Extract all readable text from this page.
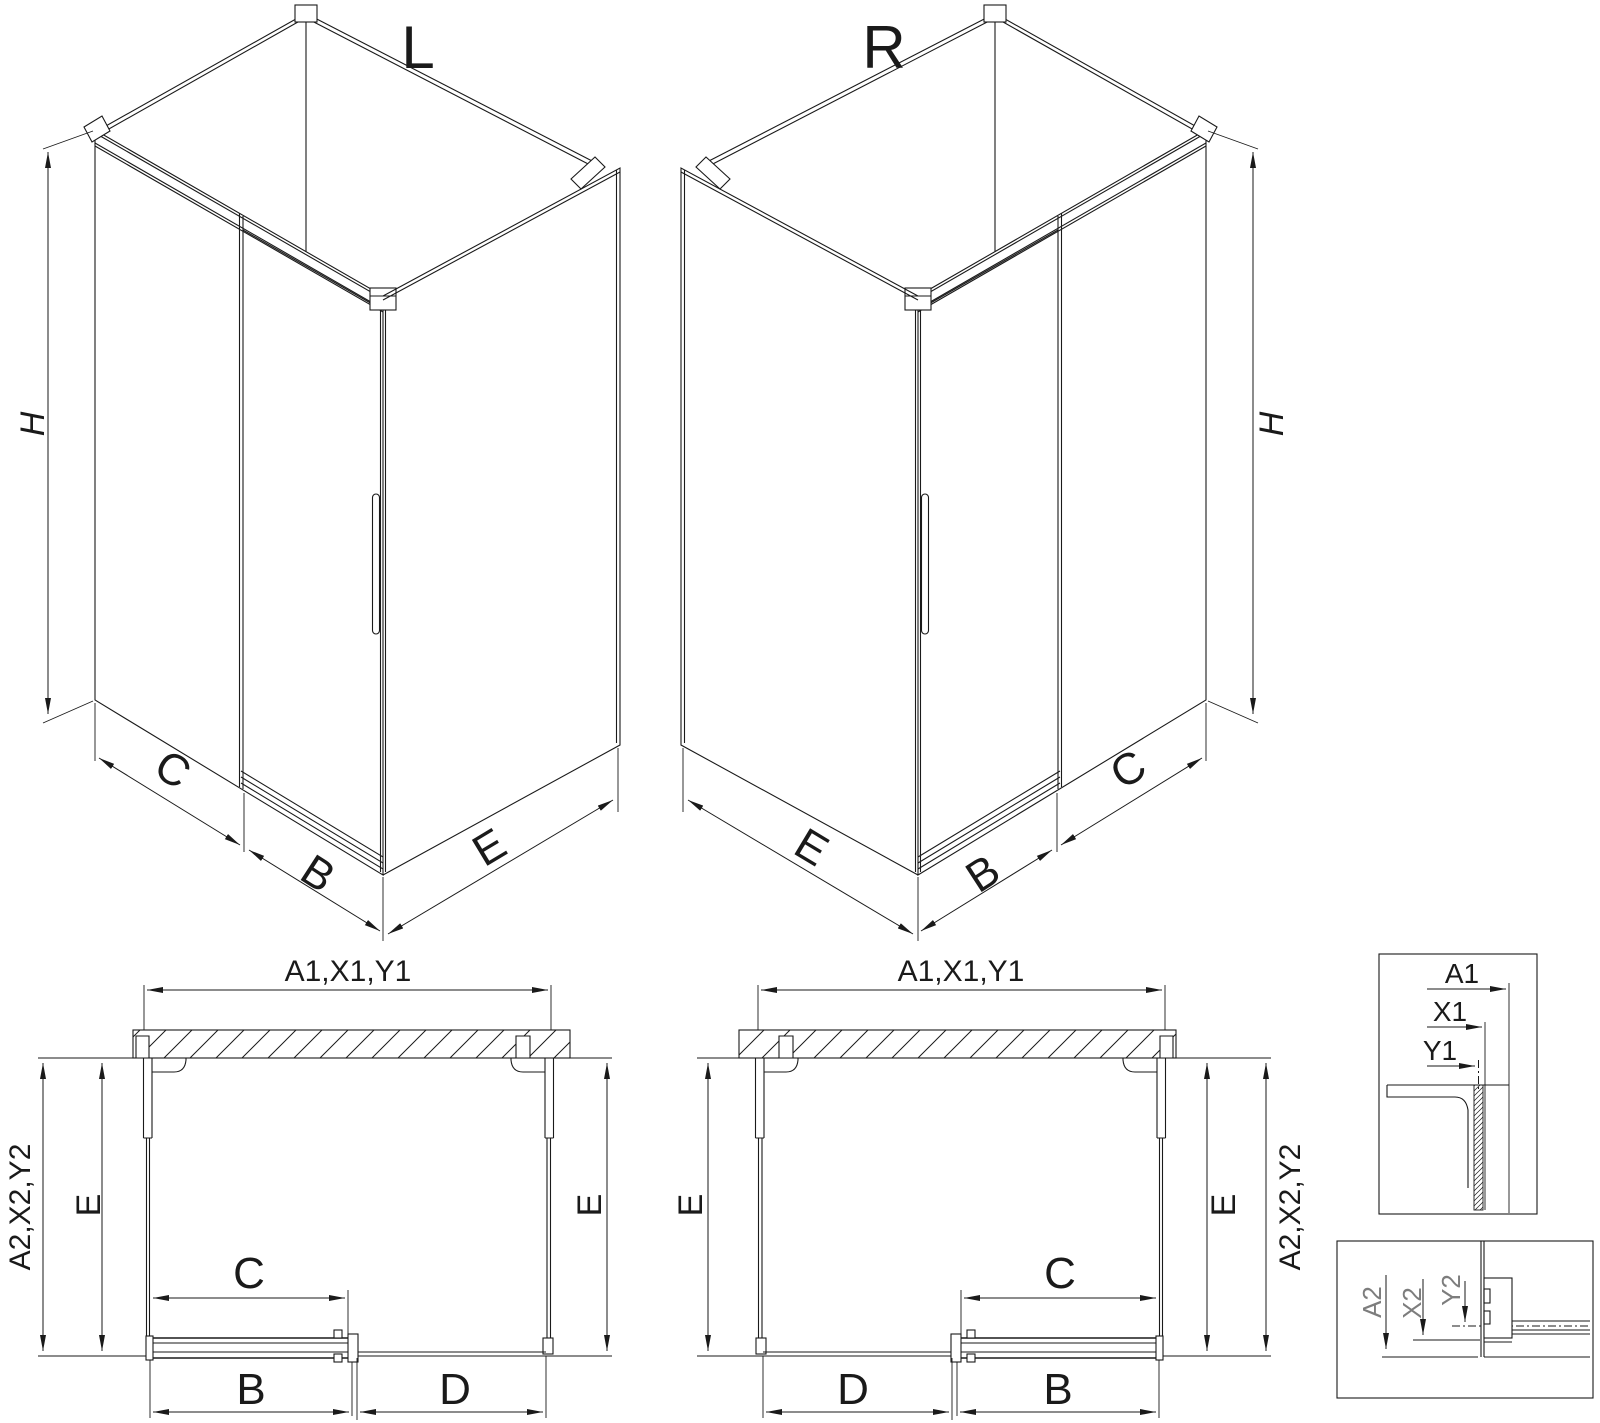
H
C
B	E
L
H
C
B
E
R
A1,X1,Y1
A2,X2,Y2 E	E
C
B	D
A1,X1,Y1
A2,X2,Y2
E
E
C
B
D
A1
X1
Y1
A2 X2 Y2
